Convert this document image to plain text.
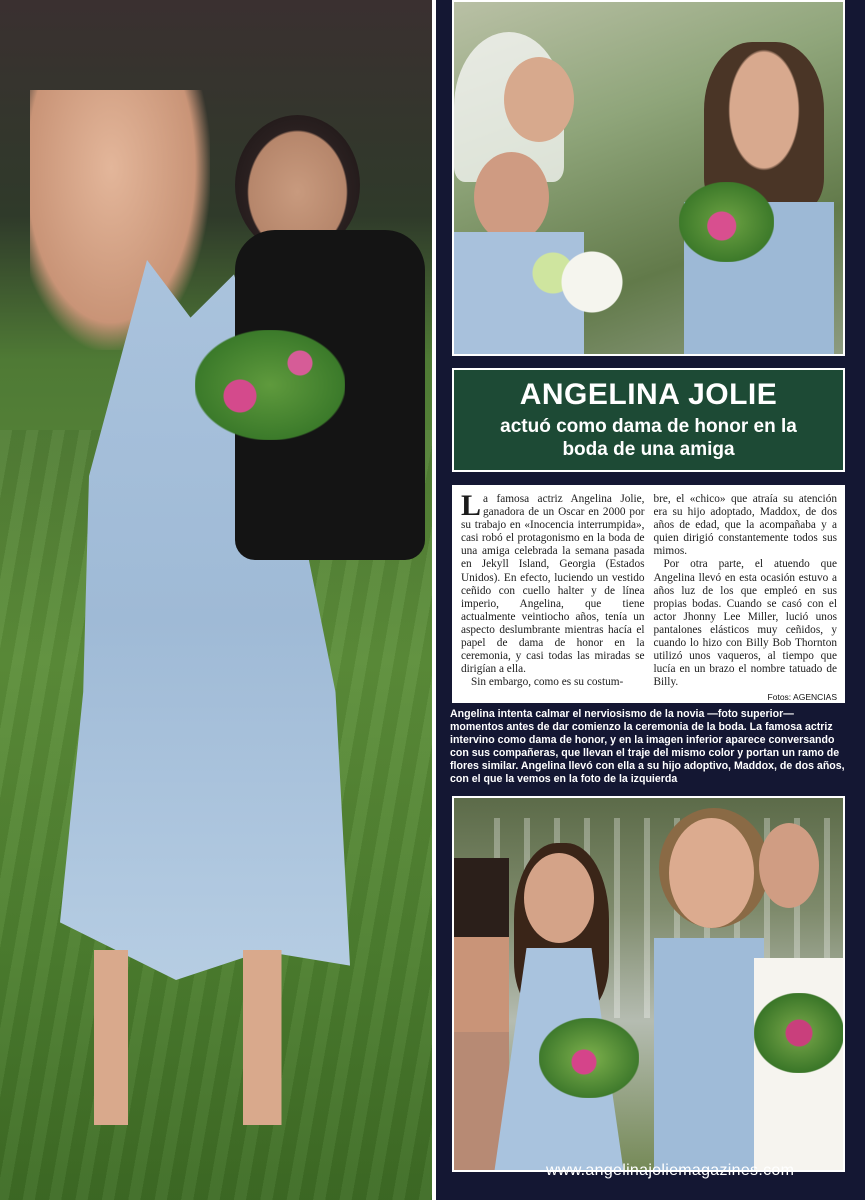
ANGELINA JOLIE
actuó como dama de honor en la
boda de una amiga

La famosa actriz Angelina Jolie, ganadora de un Oscar en 2000 por su trabajo en «Inocencia interrumpida», casi robó el protagonismo en la boda de una amiga celebrada la semana pasada en Jekyll Island, Georgia (Estados Unidos). En efecto, luciendo un vestido ceñido con cuello halter y de línea imperio, Angelina, que tiene actualmente veintiocho años, tenía un aspecto deslumbrante mientras hacía el papel de dama de honor en la ceremonia, y casi todas las miradas se dirigían a ella.

Sin embargo, como es su costum-

bre, el «chico» que atraía su atención era su hijo adoptado, Maddox, de dos años de edad, que la acompañaba y a quien dirigió constantemente todos sus mimos.

Por otra parte, el atuendo que Angelina llevó en esta ocasión estuvo a años luz de los que empleó en sus propias bodas. Cuando se casó con el actor Jhonny Lee Miller, lució unos pantalones elásticos muy ceñidos, y cuando lo hizo con Billy Bob Thornton utilizó unos vaqueros, al tiempo que lucía en un brazo el nombre tatuado de Billy.

Fotos: AGENCIAS
Angelina intenta calmar el nerviosismo de la novia —foto superior— momentos antes de dar comienzo la ceremonia de la boda. La famosa actriz intervino como dama de honor, y en la imagen inferior aparece conversando con sus compañeras, que llevan el traje del mismo color y portan un ramo de flores similar. Angelina llevó con ella a su hijo adoptivo, Maddox, de dos años, con el que la vemos en la foto de la izquierda
www.angelinajoliemagazines.com
